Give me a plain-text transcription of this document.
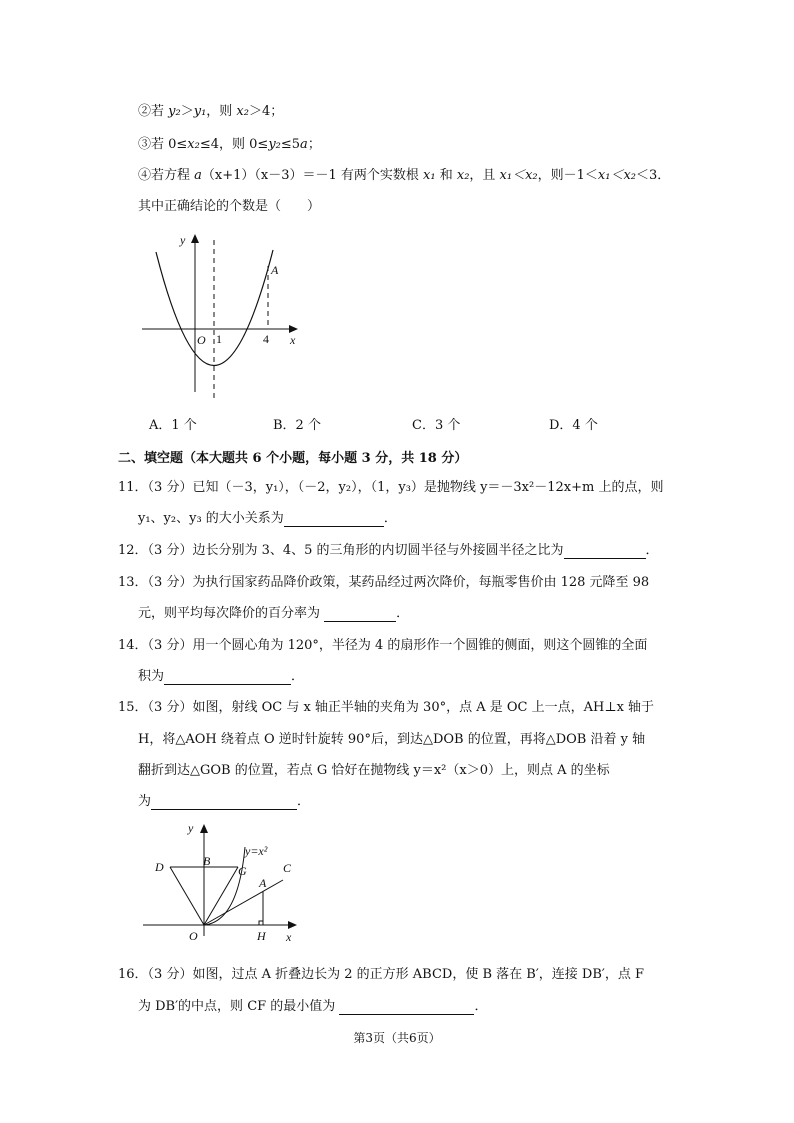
②若 y₂＞y₁，则 x₂＞4；
③若 0≤x₂≤4，则 0≤y₂≤5a；
④若方程 a（x+1）（x－3）＝－1 有两个实数根 x₁ 和 x₂，且 x₁＜x₂，则－1＜x₁＜x₂＜3．
其中正确结论的个数是（　　）
y
A
O 1	4 x
A．1 个	B．2 个	C．3 个	D．4 个
二、填空题（本大题共 6 个小题，每小题 3 分，共 18 分）
11．（3 分）已知（－3，y₁），（－2，y₂），（1，y₃）是抛物线 y＝－3x²－12x+m 上的点，则
y₁、y₂、y₃ 的大小关系为	．
12．（3 分）边长分别为 3、4、5 的三角形的内切圆半径与外接圆半径之比为	．
13．（3 分）为执行国家药品降价政策，某药品经过两次降价，每瓶零售价由 128 元降至 98
元，则平均每次降价的百分率为	．
14．（3 分）用一个圆心角为 120°，半径为 4 的扇形作一个圆锥的侧面，则这个圆锥的全面
积为	．
15．（3 分）如图，射线 OC 与 x 轴正半轴的夹角为 30°，点 A 是 OC 上一点，AH⊥x 轴于
H，将△AOH 绕着点 O 逆时针旋转 90°后，到达△DOB 的位置，再将△DOB 沿着 y 轴
翻折到达△GOB 的位置，若点 G 恰好在抛物线 y＝x²（x＞0）上，则点 A 的坐标
为	．
y
y=x²
D	B
G
A
C
O	H x
16．（3 分）如图，过点 A 折叠边长为 2 的正方形 ABCD，使 B 落在 B′，连接 DB′，点 F
为 DB′的中点，则 CF 的最小值为	．
第3页（共6页）
